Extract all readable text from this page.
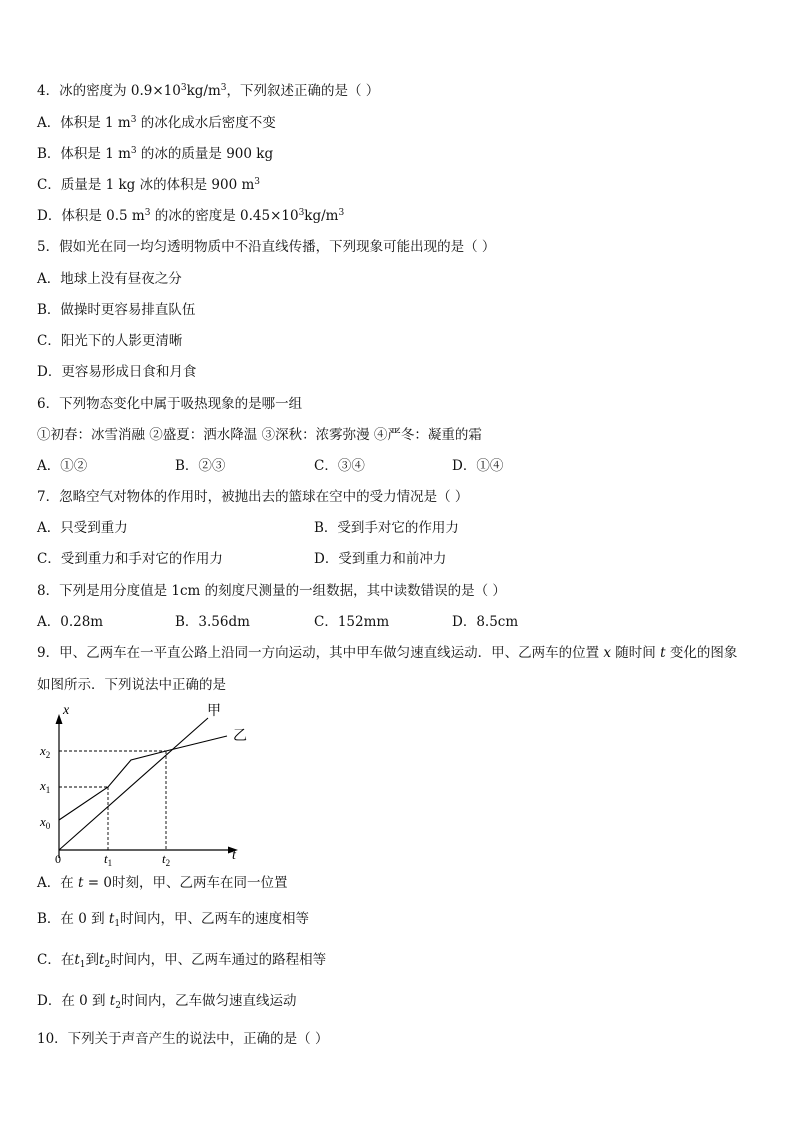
4．冰的密度为 $0.9\times 10^3kg/m^3$，下列叙述正确的是（ ）
A．体积是 1 $m^3$ 的冰化成水后密度不变
B．体积是 1 $m^3$ 的冰的质量是 900 kg
C．质量是 1 kg 冰的体积是 900 $m^3$
D．体积是 0.5 $m^3$ 的冰的密度是 $0.45\times 10^3kg/m^3$
5．假如光在同一均匀透明物质中不沿直线传播，下列现象可能出现的是（ ）
A．地球上没有昼夜之分
B．做操时更容易排直队伍
C．阳光下的人影更清晰
D．更容易形成日食和月食
6．下列物态变化中属于吸热现象的是哪一组
①初春：冰雪消融 ②盛夏：洒水降温 ③深秋：浓雾弥漫 ④严冬：凝重的霜
A．①②	B．②③	C．③④	D．①④
7．忽略空气对物体的作用时，被抛出去的篮球在空中的受力情况是（ ）
A．只受到重力	B．受到手对它的作用力
C．受到重力和手对它的作用力	D．受到重力和前冲力
8．下列是用分度值是 1cm 的刻度尺测量的一组数据，其中读数错误的是（ ）
A．0.28m	B．3.56dm	C．152mm	D．8.5cm
9．甲、乙两车在一平直公路上沿同一方向运动，其中甲车做匀速直线运动．甲、乙两车的位置 x 随时间 t 变化的图象
如图所示．下列说法中正确的是
甲
乙
x
t
0
$x_0$
$x_1$
$x_2$
$t_1$	$t_2$
A．在 t = 0时刻，甲、乙两车在同一位置
B．在 0 到 $t_1$时间内，甲、乙两车的速度相等
C．在$t_1$到$t_2$时间内，甲、乙两车通过的路程相等
D．在 0 到 $t_2$时间内，乙车做匀速直线运动
10．下列关于声音产生的说法中，正确的是（ ）
